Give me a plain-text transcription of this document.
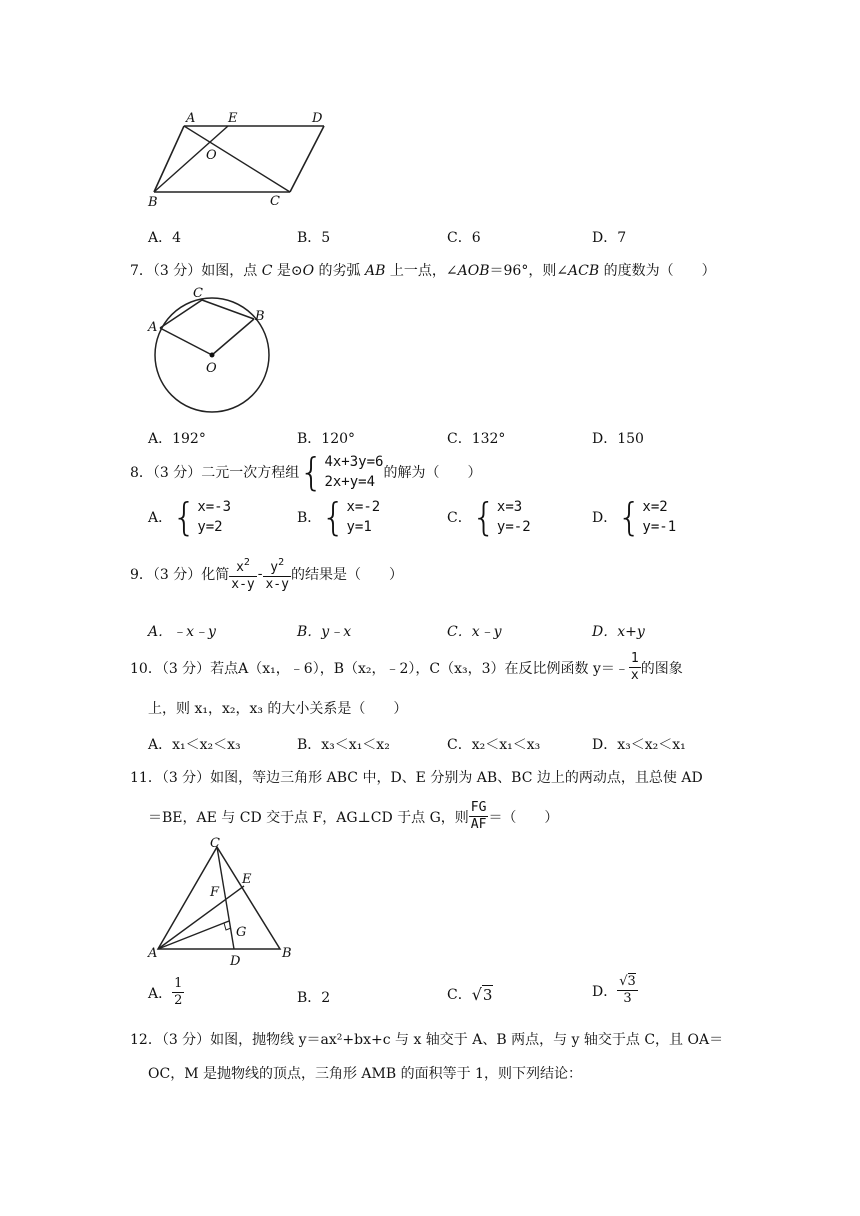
A	E	D
O
B	C
A．4	B．5	C．6	D．7
7．（3 分）如图，点 C 是⊙O 的劣弧 AB 上一点，∠AOB＝96°，则∠ACB 的度数为（　　）
C
A
B
O
A．192°	B．120°	C．132°	D．150
8．（3 分）二元一次方程组 { 4x+3y=6
2x+y=4
的解为（　　）
A． { x=-3
y=2
B． { x=-2
y=1
C． { x=3
y=-2
D． { x=2
y=-1
9．（3 分）化简 $\frac{x^2}{x-y} - \frac{y^2}{x-y}$ 的结果是（　　）
A．﹣x﹣y	B．y﹣x	C．x﹣y	D．x+y
10．（3 分）若点 A（x₁，﹣6），B（x₂，﹣2），C（x₃，3）在反比例函数 y＝﹣ $\frac{1}{x}$ 的图象
上，则 x₁，x₂，x₃ 的大小关系是（　　）
A．x₁＜x₂＜x₃	B．x₃＜x₁＜x₂	C．x₂＜x₁＜x₃	D．x₃＜x₂＜x₁
11．（3 分）如图，等边三角形 ABC 中，D、E 分别为 AB、BC 边上的两动点，且总使 AD
＝BE，AE 与 CD 交于点 F，AG⊥CD 于点 G，则 $\frac{FG}{AF}$ ＝（　　）
C
E
F
G
A
D
B
A． $\frac{1}{2}$	B．2	C． √ 3	D． $\frac{√3}{3}$
12．（3 分）如图，抛物线 y＝ax²+bx+c 与 x 轴交于 A、B 两点，与 y 轴交于点 C，且 OA＝
OC，M 是抛物线的顶点，三角形 AMB 的面积等于 1，则下列结论：
